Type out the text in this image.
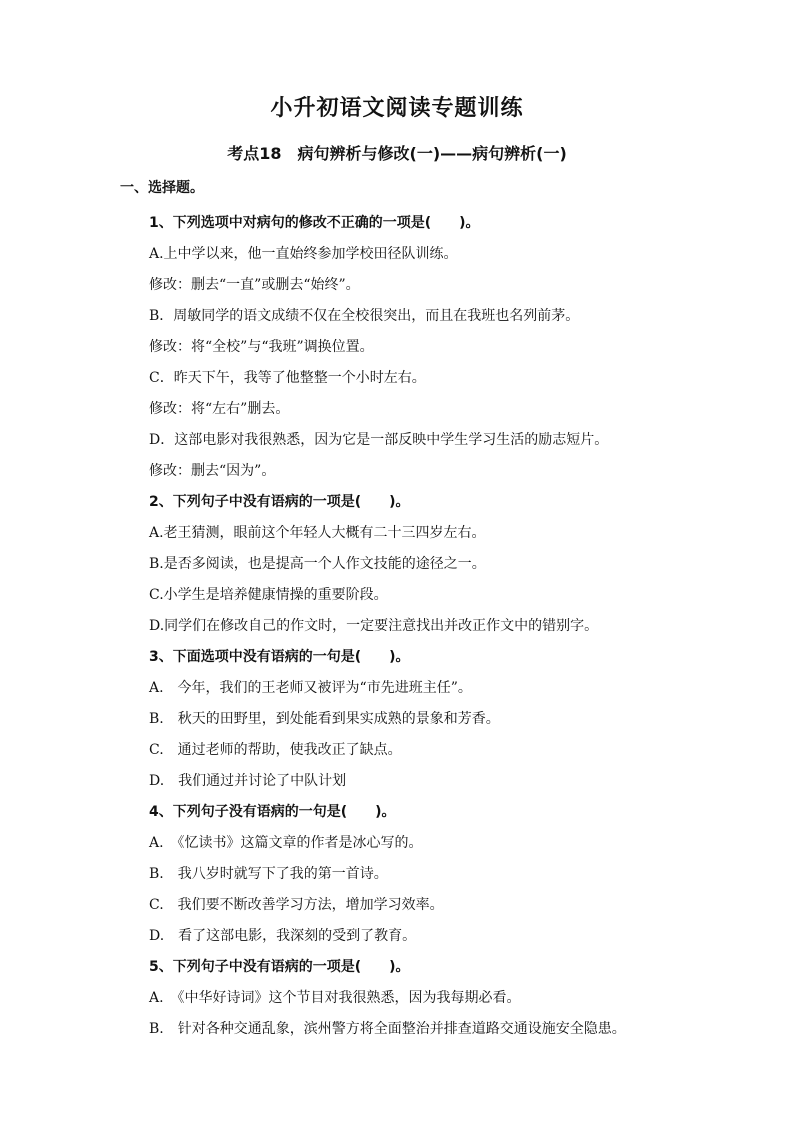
小升初语文阅读专题训练
考点18　病句辨析与修改(一)——病句辨析(一)
一、选择题。
1、下列选项中对病句的修改不正确的一项是(　　)。
A.上中学以来，他一直始终参加学校田径队训练。
修改：删去“一直”或删去“始终”。
B．周敏同学的语文成绩不仅在全校很突出，而且在我班也名列前茅。
修改：将“全校”与“我班”调换位置。
C．昨天下午，我等了他整整一个小时左右。
修改：将“左右”删去。
D．这部电影对我很熟悉，因为它是一部反映中学生学习生活的励志短片。
修改：删去“因为”。
2、下列句子中没有语病的一项是(　　)。
A.老王猜测，眼前这个年轻人大概有二十三四岁左右。
B.是否多阅读，也是提高一个人作文技能的途径之一。
C.小学生是培养健康情操的重要阶段。
D.同学们在修改自己的作文时，一定要注意找出并改正作文中的错别字。
3、下面选项中没有语病的一句是(　　)。
A.　今年，我们的王老师又被评为“市先进班主任”。
B.　秋天的田野里，到处能看到果实成熟的景象和芳香。
C.　通过老师的帮助，使我改正了缺点。
D.　我们通过并讨论了中队计划
4、下列句子没有语病的一句是(　　)。
A.　《忆读书》这篇文章的作者是冰心写的。
B.　我八岁时就写下了我的第一首诗。
C.　我们要不断改善学习方法，增加学习效率。
D.　看了这部电影，我深刻的受到了教育。
5、下列句子中没有语病的一项是(　　)。
A.　《中华好诗词》这个节目对我很熟悉，因为我每期必看。
B.　针对各种交通乱象，滨州警方将全面整治并排查道路交通设施安全隐患。
